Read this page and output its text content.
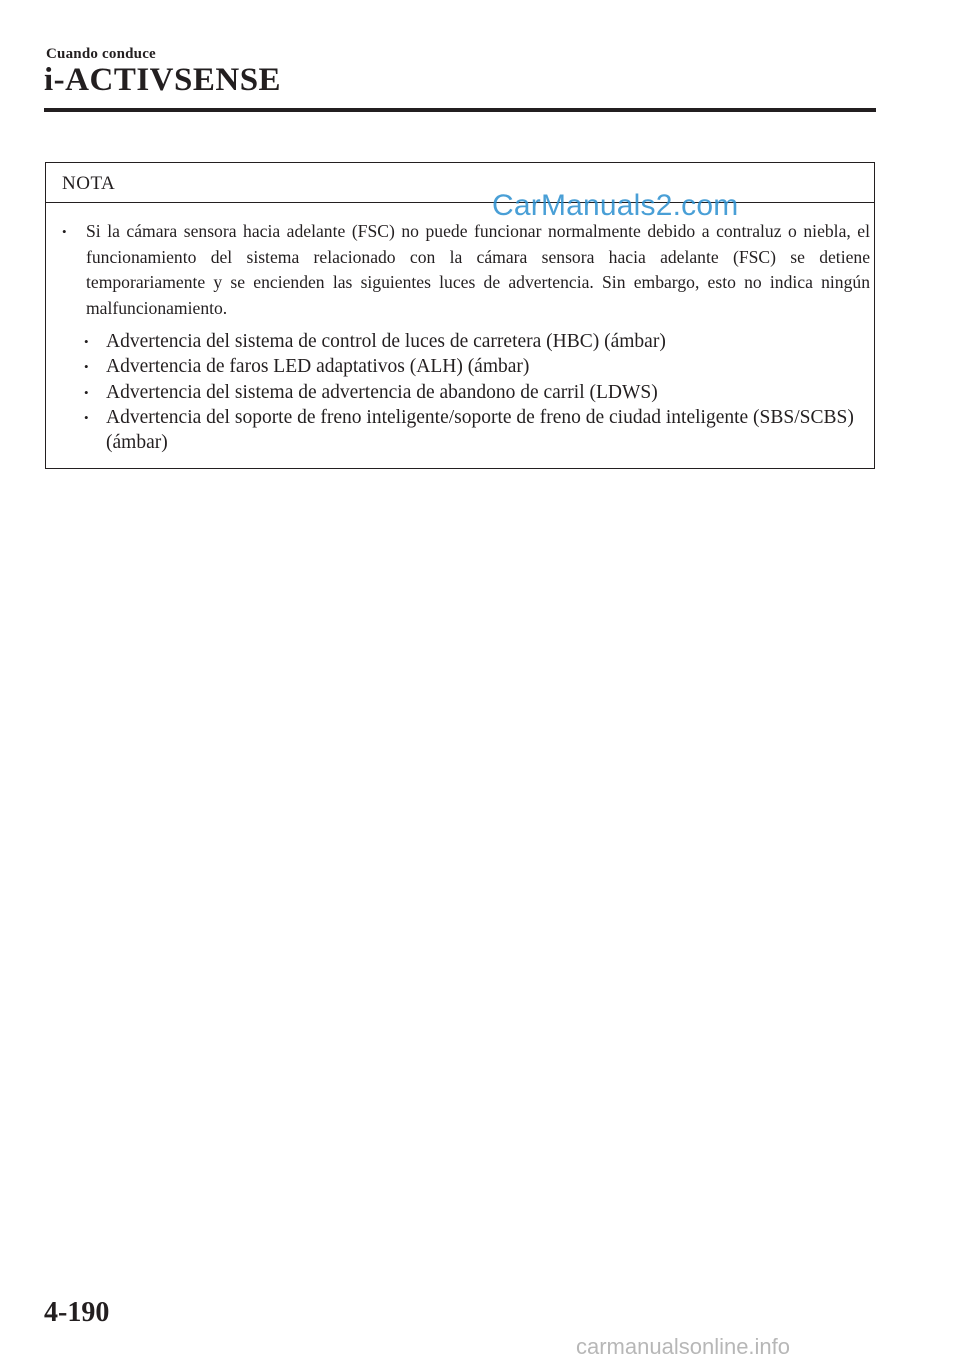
Cuando conduce
i-ACTIVSENSE
NOTA
•	Si la cámara sensora hacia adelante (FSC) no puede funcionar normalmente debido a contraluz o niebla, el funcionamiento del sistema relacionado con la cámara sensora hacia adelante (FSC) se detiene temporariamente y se encienden las siguientes luces de advertencia. Sin embargo, esto no indica ningún malfuncionamiento.
• Advertencia del sistema de control de luces de carretera (HBC) (ámbar)
• Advertencia de faros LED adaptativos (ALH) (ámbar)
• Advertencia del sistema de advertencia de abandono de carril (LDWS)
• Advertencia del soporte de freno inteligente/soporte de freno de ciudad inteligente (SBS/SCBS) (ámbar)
CarManuals2.com
4-190
carmanualsonline.info
